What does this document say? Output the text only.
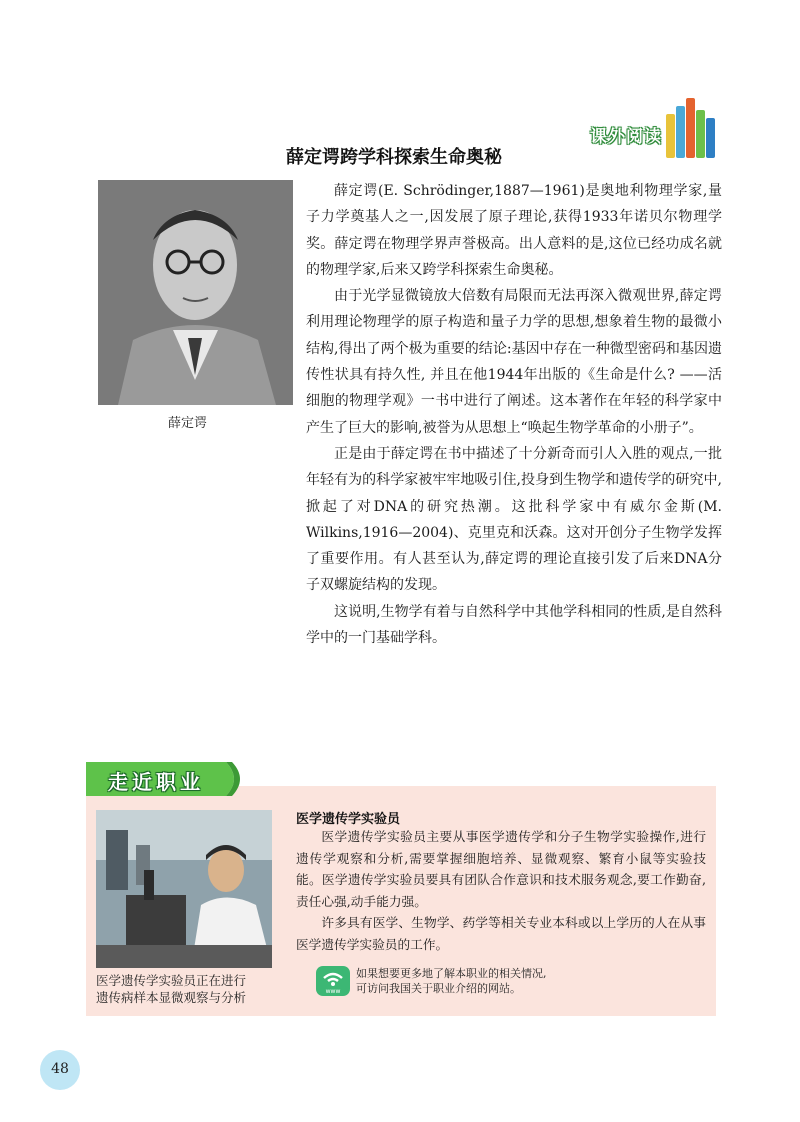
课外阅读
薛定谔跨学科探索生命奥秘
薛定谔

薛定谔(E. Schrödinger,1887—1961)是奥地利物理学家,量子力学奠基人之一,因发展了原子理论,获得1933年诺贝尔物理学奖。薛定谔在物理学界声誉极高。出人意料的是,这位已经功成名就的物理学家,后来又跨学科探索生命奥秘。

由于光学显微镜放大倍数有局限而无法再深入微观世界,薛定谔利用理论物理学的原子构造和量子力学的思想,想象着生物的最微小结构,得出了两个极为重要的结论:基因中存在一种微型密码和基因遗传性状具有持久性, 并且在他1944年出版的《生命是什么? ——活细胞的物理学观》一书中进行了阐述。这本著作在年轻的科学家中产生了巨大的影响,被誉为从思想上“唤起生物学革命的小册子”。

正是由于薛定谔在书中描述了十分新奇而引人入胜的观点,一批年轻有为的科学家被牢牢地吸引住,投身到生物学和遗传学的研究中,掀起了对DNA的研究热潮。这批科学家中有威尔金斯(M. Wilkins,1916—2004)、克里克和沃森。这对开创分子生物学发挥了重要作用。有人甚至认为,薛定谔的理论直接引发了后来DNA分子双螺旋结构的发现。

这说明,生物学有着与自然科学中其他学科相同的性质,是自然科学中的一门基础学科。

走近职业

医学遗传学实验员正在进行

遗传病样本显微观察与分析

医学遗传学实验员

医学遗传学实验员主要从事医学遗传学和分子生物学实验操作,进行遗传学观察和分析,需要掌握细胞培养、显微观察、繁育小鼠等实验技能。医学遗传学实验员要具有团队合作意识和技术服务观念,要工作勤奋,责任心强,动手能力强。

许多具有医学、生物学、药学等相关专业本科或以上学历的人在从事医学遗传学实验员的工作。

www

如果想要更多地了解本职业的相关情况,

可访问我国关于职业介绍的网站。

48
